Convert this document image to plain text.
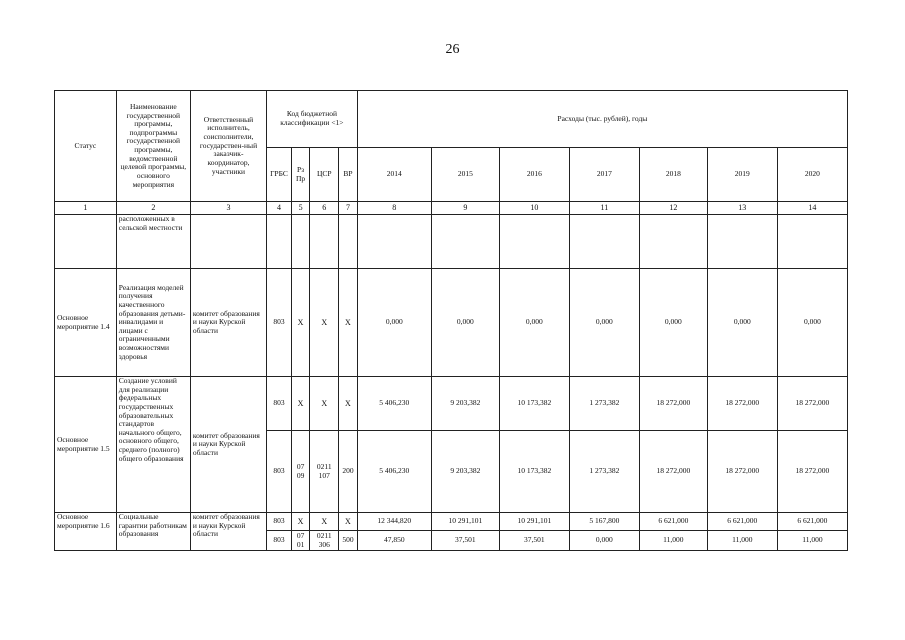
26
Статус	Наименование государственной программы, подпрограммы государственной программы, ведомственной целевой программы, основного мероприятия	Ответственный исполнитель, соисполнители, государствен-ный заказчик-координатор, участники	Код бюджетной классификации <1>				Расходы (тыс. рублей), годы						
			ГРБС	Рз Пр	ЦСР	ВР	2014	2015	2016	2017	2018	2019	2020
1	2	3	4	5	6	7	8	9	10	11	12	13	14
	расположенных в сельской местности												
Основное мероприятие 1.4	Реализация моделей получения качественного образования детьми-инвалидами и лицами с ограниченными возможностями здоровья	комитет образования и науки Курской области	803	X	X	X	0,000	0,000	0,000	0,000	0,000	0,000	0,000
Основное мероприятие 1.5	Создание условий для реализации федеральных государственных образовательных стандартов начального общего, основного общего, среднего (полного) общего образования	комитет образования и науки Курской области	803	X	X	X	5 406,230	9 203,382	10 173,382	1 273,382	18 272,000	18 272,000	18 272,000
			803	07 09	0211 107	200	5 406,230	9 203,382	10 173,382	1 273,382	18 272,000	18 272,000	18 272,000
Основное мероприятие 1.6	Социальные гарантии работникам образования	комитет образования и науки Курской области	803	X	X	X	12 344,820	10 291,101	10 291,101	5 167,800	6 621,000	6 621,000	6 621,000
			803	07 01	0211 306	500	47,850	37,501	37,501	0,000	11,000	11,000	11,000
